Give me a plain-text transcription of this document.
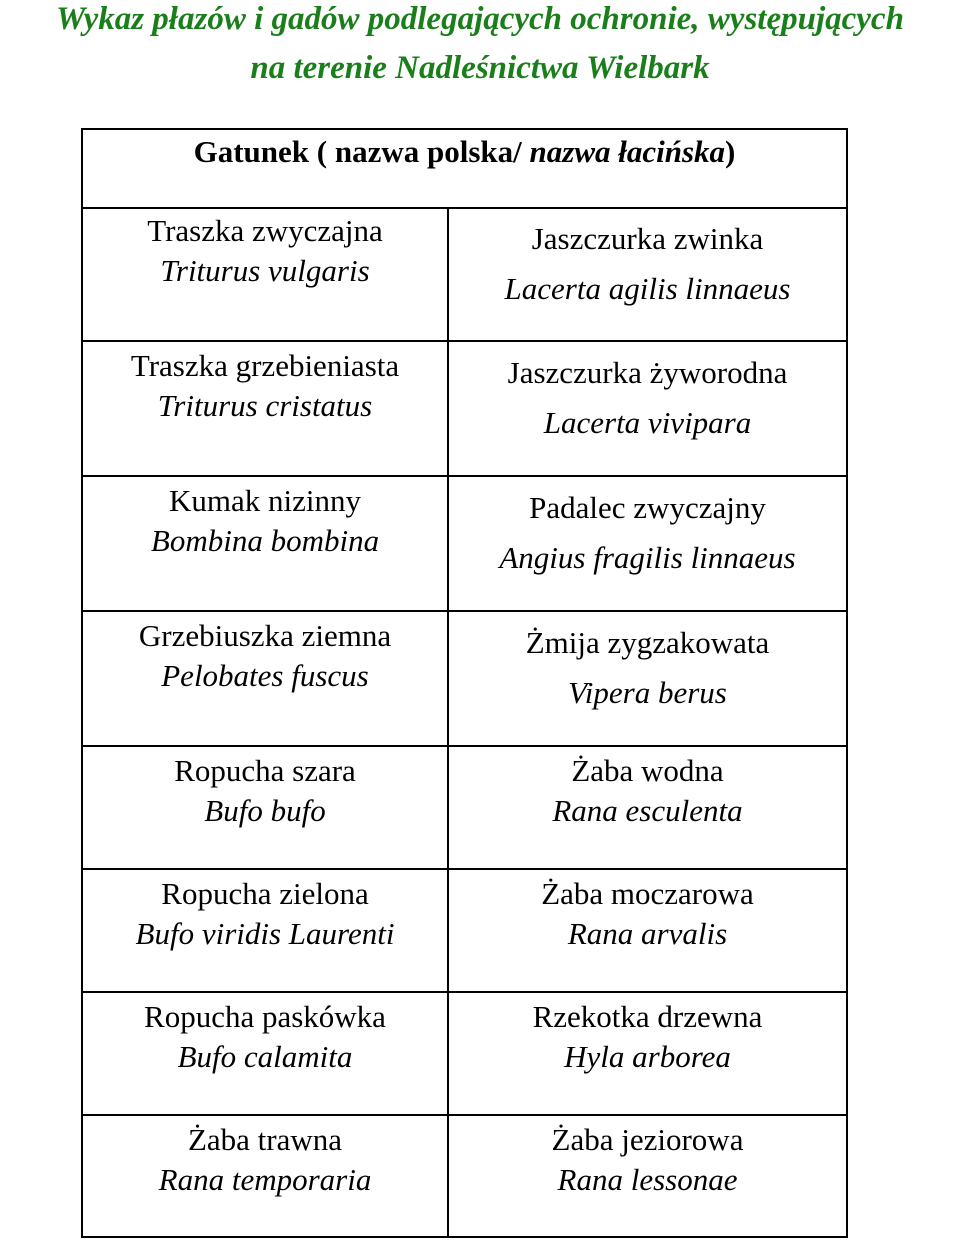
Wykaz płazów i gadów podlegających ochronie, występujących
na terenie Nadleśnictwa Wielbark
Gatunek ( nazwa polska/ nazwa łacińska)
Traszka zwyczajna
Triturus vulgaris
Traszka grzebieniasta
Triturus cristatus
Kumak nizinny
Bombina bombina
Grzebiuszka ziemna
Pelobates fuscus
Ropucha szara
Bufo bufo
Ropucha zielona
Bufo viridis Laurenti
Ropucha paskówka
Bufo calamita
Żaba trawna
Rana temporaria
Jaszczurka zwinka
Lacerta agilis linnaeus
Jaszczurka żyworodna
Lacerta vivipara
Padalec zwyczajny
Angius fragilis linnaeus
Żmija zygzakowata
Vipera berus
Żaba wodna
Rana esculenta
Żaba moczarowa
Rana arvalis
Rzekotka drzewna
Hyla arborea
Żaba jeziorowa
Rana lessonae
